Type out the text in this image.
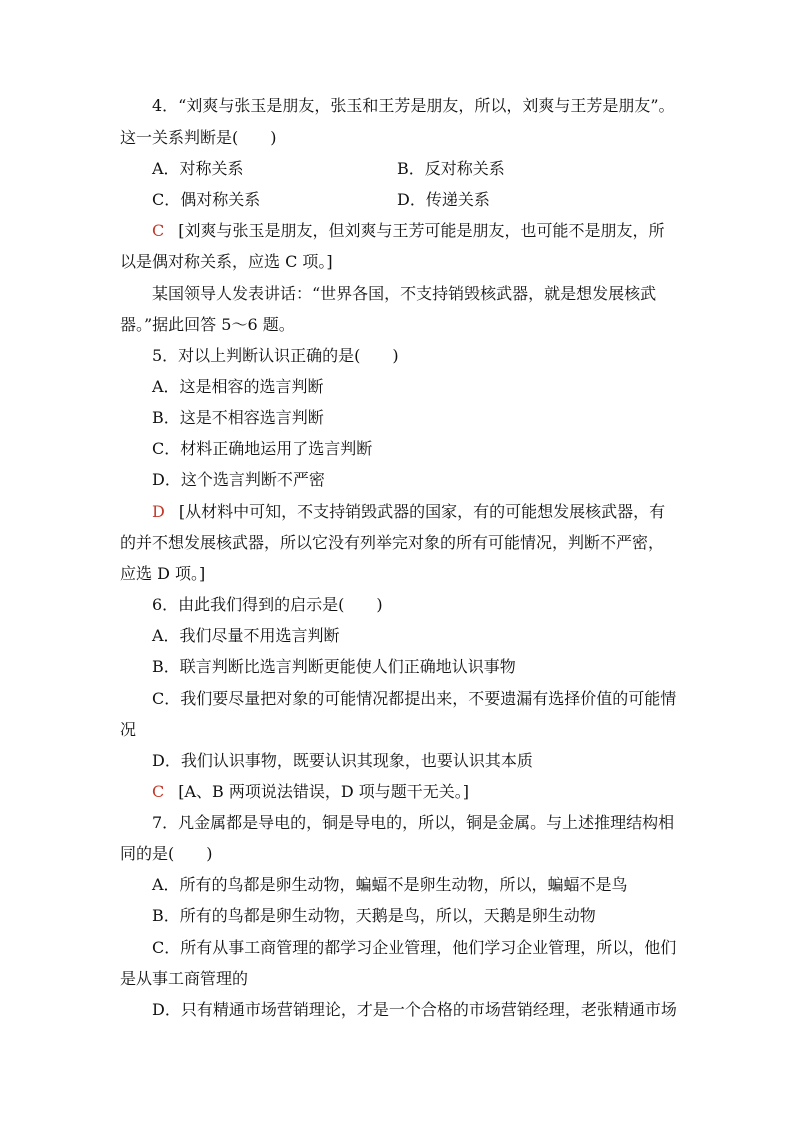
4．“刘爽与张玉是朋友，张玉和王芳是朋友，所以，刘爽与王芳是朋友”。
这一关系判断是(　　)
A．对称关系	B．反对称关系
C．偶对称关系	D．传递关系
C [刘爽与张玉是朋友，但刘爽与王芳可能是朋友，也可能不是朋友，所
以是偶对称关系，应选 C 项。]
某国领导人发表讲话：“世界各国，不支持销毁核武器，就是想发展核武
器。”据此回答 5～6 题。
5．对以上判断认识正确的是(　　)
A．这是相容的选言判断
B．这是不相容选言判断
C．材料正确地运用了选言判断
D．这个选言判断不严密
D [从材料中可知，不支持销毁武器的国家，有的可能想发展核武器，有
的并不想发展核武器，所以它没有列举完对象的所有可能情况，判断不严密，
应选 D 项。]
6．由此我们得到的启示是(　　)
A．我们尽量不用选言判断
B．联言判断比选言判断更能使人们正确地认识事物
C．我们要尽量把对象的可能情况都提出来，不要遗漏有选择价值的可能情
况
D．我们认识事物，既要认识其现象，也要认识其本质
C [A、B 两项说法错误，D 项与题干无关。]
7．凡金属都是导电的，铜是导电的，所以，铜是金属。与上述推理结构相
同的是(　　)
A．所有的鸟都是卵生动物，蝙蝠不是卵生动物，所以，蝙蝠不是鸟
B．所有的鸟都是卵生动物，天鹅是鸟，所以，天鹅是卵生动物
C．所有从事工商管理的都学习企业管理，他们学习企业管理，所以，他们
是从事工商管理的
D．只有精通市场营销理论，才是一个合格的市场营销经理，老张精通市场
